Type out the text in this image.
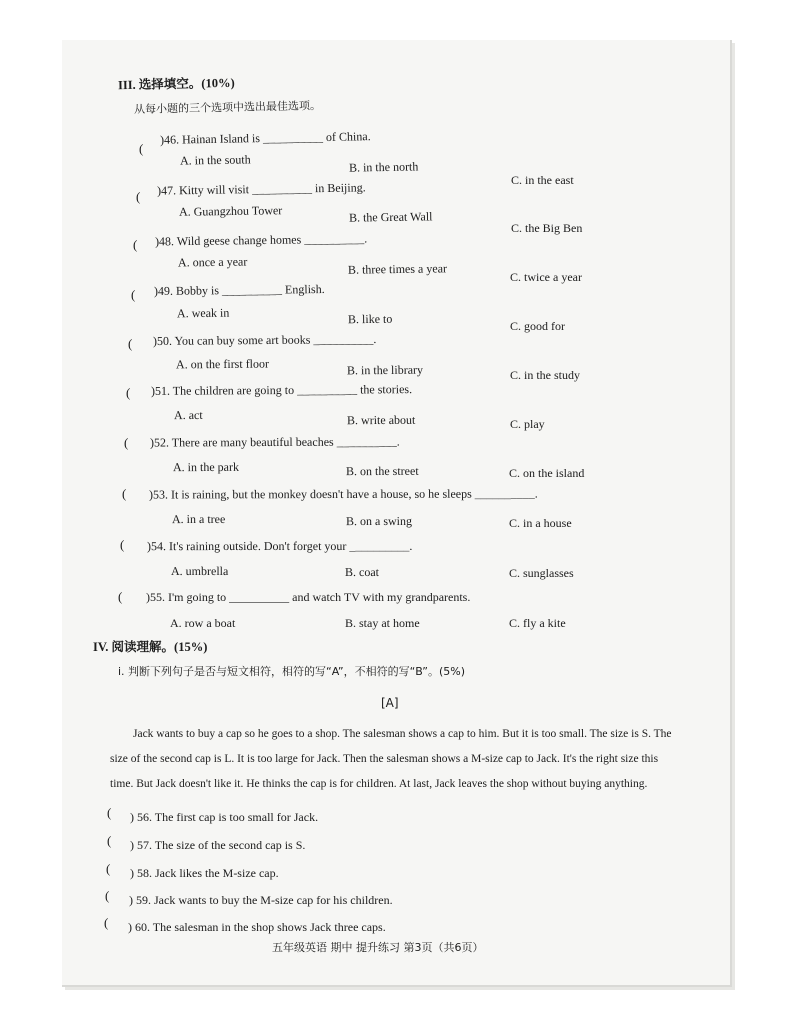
III. 选择填空。(10%)
从每小题的三个选项中选出最佳选项。
(
)46. Hainan Island is __________ of China.
A. in the south	B. in the north
C. in the east
( )47. Kitty will visit __________ in Beijing.
A. Guangzhou Tower	B. the Great Wall
C. the Big Ben
( )48. Wild geese change homes __________.
A. once a year	B. three times a year
C. twice a year
( )49. Bobby is __________ English.
A. weak in	B. like to	C. good for
( )50. You can buy some art books __________.
A. on the first floor	B. in the library	C. in the study
( )51. The children are going to __________ the stories.
A. act	B. write about	C. play
( )52. There are many beautiful beaches __________.
A. in the park	B. on the street	C. on the island
( )53. It is raining, but the monkey doesn't have a house, so he sleeps __________.
A. in a tree	B. on a swing	C. in a house
( )54. It's raining outside. Don't forget your __________.
A. umbrella	B. coat	C. sunglasses
( )55. I'm going to __________ and watch TV with my grandparents.
A. row a boat	B. stay at home	C. fly a kite
IV. 阅读理解。(15%)
i. 判断下列句子是否与短文相符，相符的写“A”，不相符的写“B”。(5%)
[A]
Jack wants to buy a cap so he goes to a shop. The salesman shows a cap to him. But it is too small. The size is S. The
size of the second cap is L. It is too large for Jack. Then the salesman shows a M-size cap to Jack. It's the right size this
time. But Jack doesn't like it. He thinks the cap is for children. At last, Jack leaves the shop without buying anything.
( ) 56. The first cap is too small for Jack.
( ) 57. The size of the second cap is S.
( ) 58. Jack likes the M-size cap.
( ) 59. Jack wants to buy the M-size cap for his children.
( ) 60. The salesman in the shop shows Jack three caps.
五年级英语 期中 提升练习 第3页（共6页）
